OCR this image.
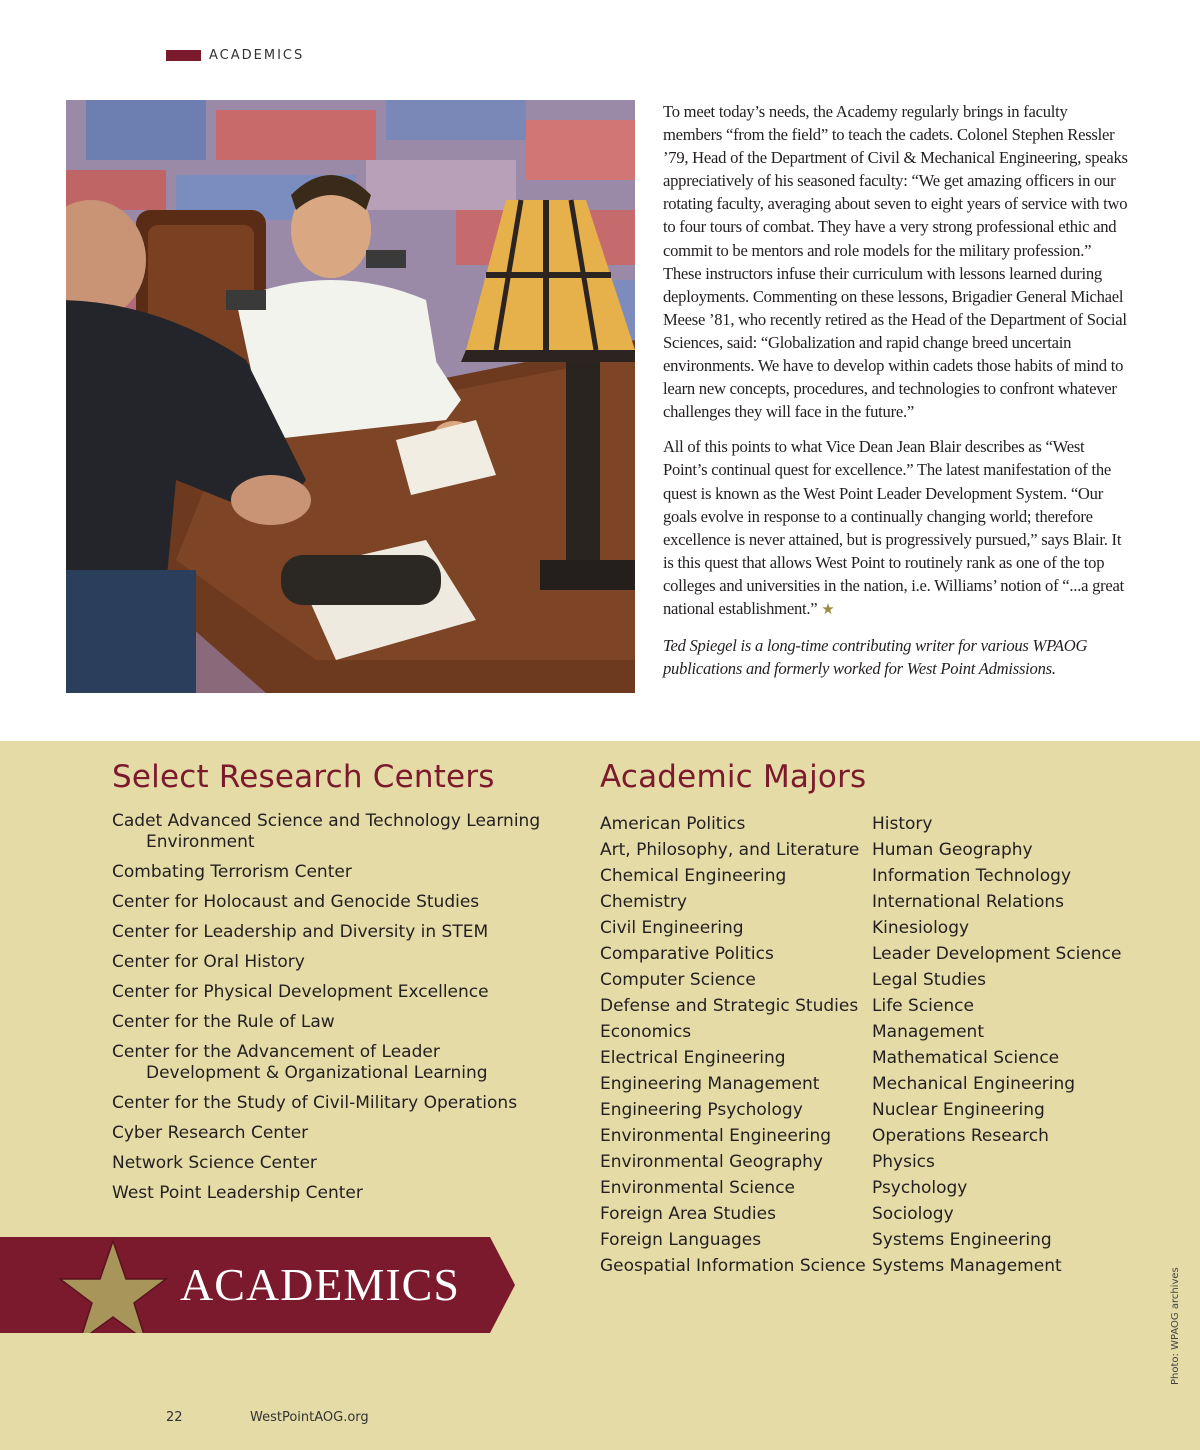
ACADEMICS

To meet today’s needs, the Academy regularly brings in faculty members “from the field” to teach the cadets. Colonel Stephen Ressler ’79, Head of the Department of Civil & Mechanical Engineering, speaks appreciatively of his seasoned faculty: “We get amazing officers in our rotating faculty, averaging about seven to eight years of service with two to four tours of combat. They have a very strong professional ethic and commit to be mentors and role models for the military profession.” These instructors infuse their curriculum with lessons learned during deployments. Commenting on these lessons, Brigadier General Michael Meese ’81, who recently retired as the Head of the Department of Social Sciences, said: “Globalization and rapid change breed uncertain environments. We have to develop within cadets those habits of mind to learn new concepts, procedures, and technologies to confront whatever challenges they will face in the future.”

All of this points to what Vice Dean Jean Blair describes as “West Point’s continual quest for excellence.” The latest manifestation of the quest is known as the West Point Leader Development System. “Our goals evolve in response to a continually changing world; therefore excellence is never attained, but is progressively pursued,” says Blair. It is this quest that allows West Point to routinely rank as one of the top colleges and universities in the nation, i.e. Williams’ notion of “...a great national establishment.” ★

Ted Spiegel is a long-time contributing writer for various WPAOG publications and formerly worked for West Point Admissions.

Select Research Centers
Cadet Advanced Science and Technology Learning Environment
Combating Terrorism Center
Center for Holocaust and Genocide Studies
Center for Leadership and Diversity in STEM
Center for Oral History
Center for Physical Development Excellence
Center for the Rule of Law
Center for the Advancement of Leader Development & Organizational Learning
Center for the Study of Civil-Military Operations
Cyber Research Center
Network Science Center
West Point Leadership Center
Academic Majors
American Politics
Art, Philosophy, and Literature
Chemical Engineering
Chemistry
Civil Engineering
Comparative Politics
Computer Science
Defense and Strategic Studies
Economics
Electrical Engineering
Engineering Management
Engineering Psychology
Environmental Engineering
Environmental Geography
Environmental Science
Foreign Area Studies
Foreign Languages
Geospatial Information Science
History
Human Geography
Information Technology
International Relations
Kinesiology
Leader Development Science
Legal Studies
Life Science
Management
Mathematical Science
Mechanical Engineering
Nuclear Engineering
Operations Research
Physics
Psychology
Sociology
Systems Engineering
Systems Management
ACADEMICS	Photo: WPAOG archives
22	WestPointAOG.org
